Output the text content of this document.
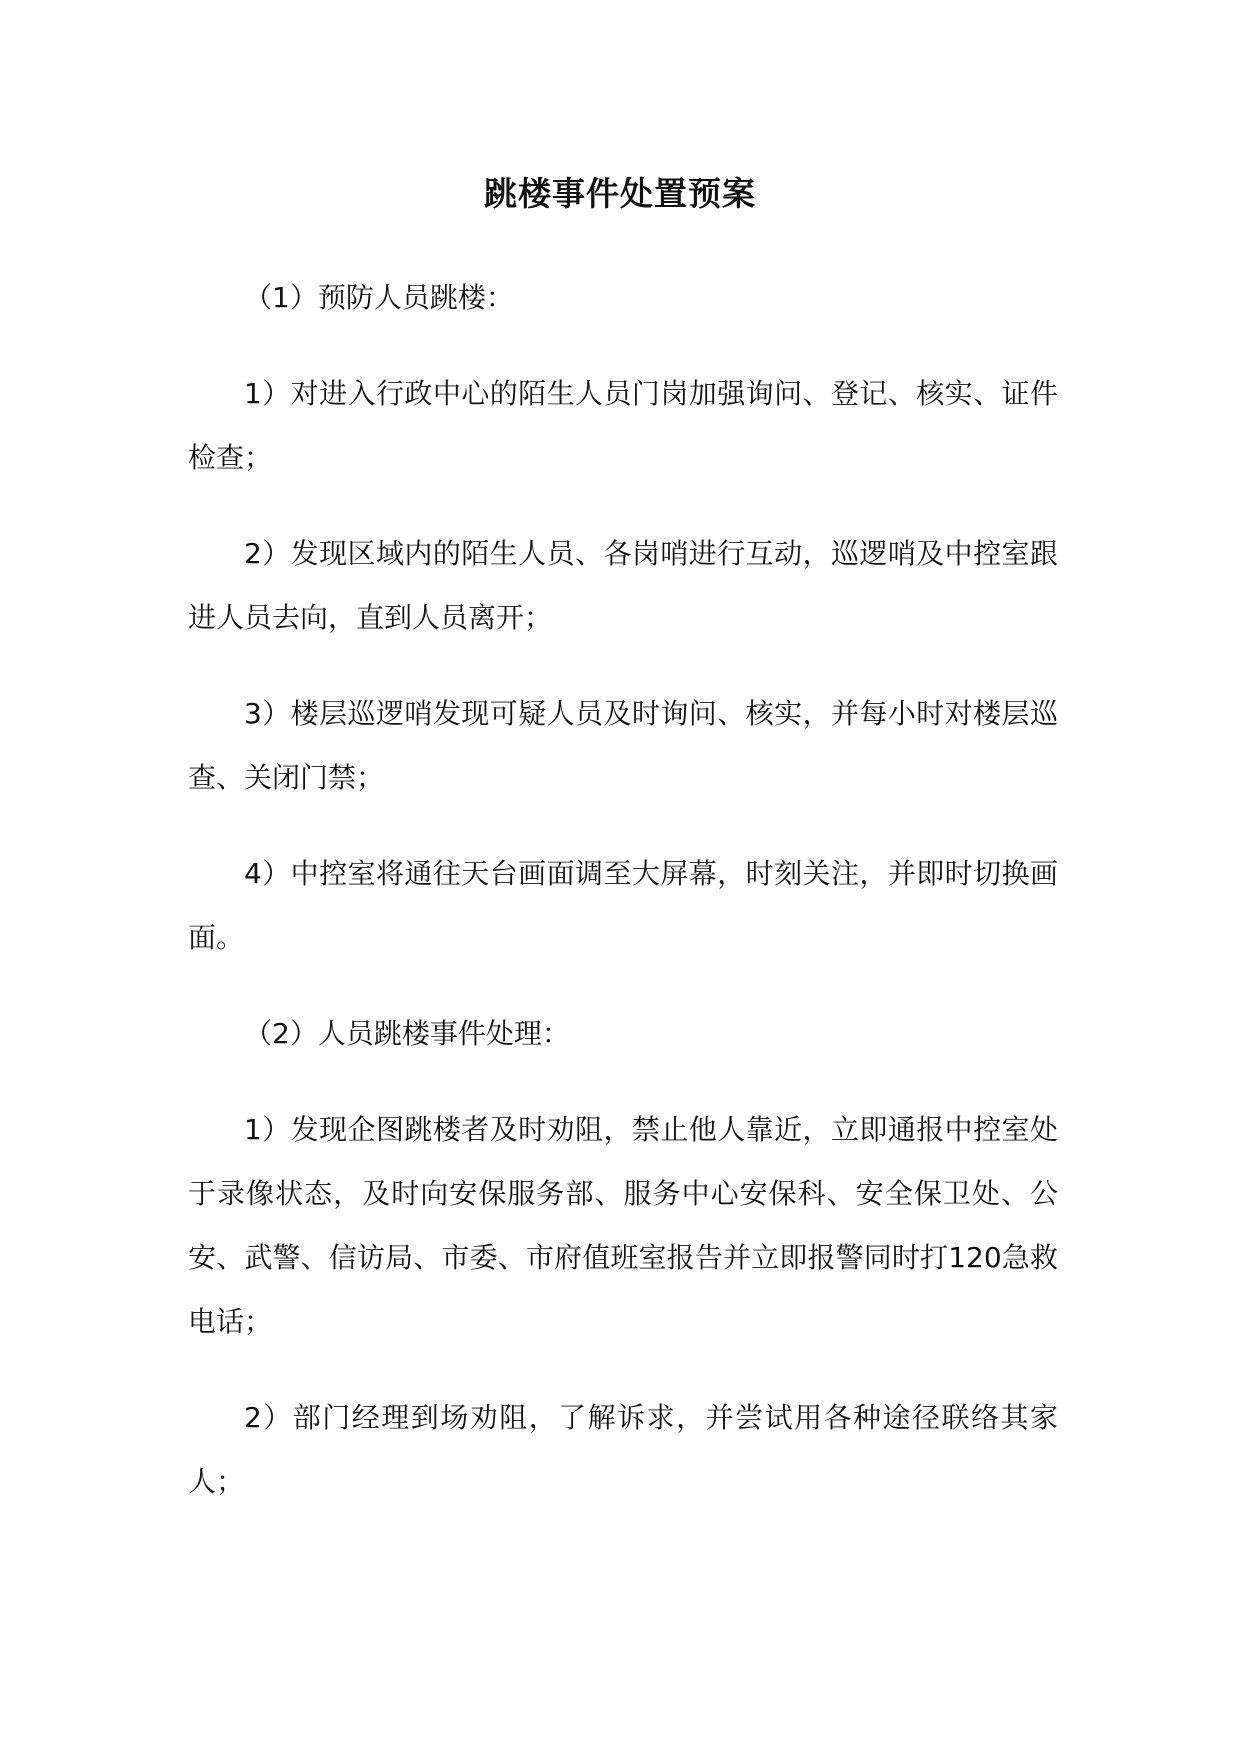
跳楼事件处置预案

（1）预防人员跳楼：

1）对进入行政中心的陌生人员门岗加强询问、登记、核实、证件检查；

2）发现区域内的陌生人员、各岗哨进行互动，巡逻哨及中控室跟进人员去向，直到人员离开；

3）楼层巡逻哨发现可疑人员及时询问、核实，并每小时对楼层巡查、关闭门禁；

4）中控室将通往天台画面调至大屏幕，时刻关注，并即时切换画面。

（2）人员跳楼事件处理：

1）发现企图跳楼者及时劝阻，禁止他人靠近，立即通报中控室处于录像状态，及时向安保服务部、服务中心安保科、安全保卫处、公安、武警、信访局、市委、市府值班室报告并立即报警同时打120急救电话；

2）部门经理到场劝阻，了解诉求，并尝试用各种途径联络其家人；
